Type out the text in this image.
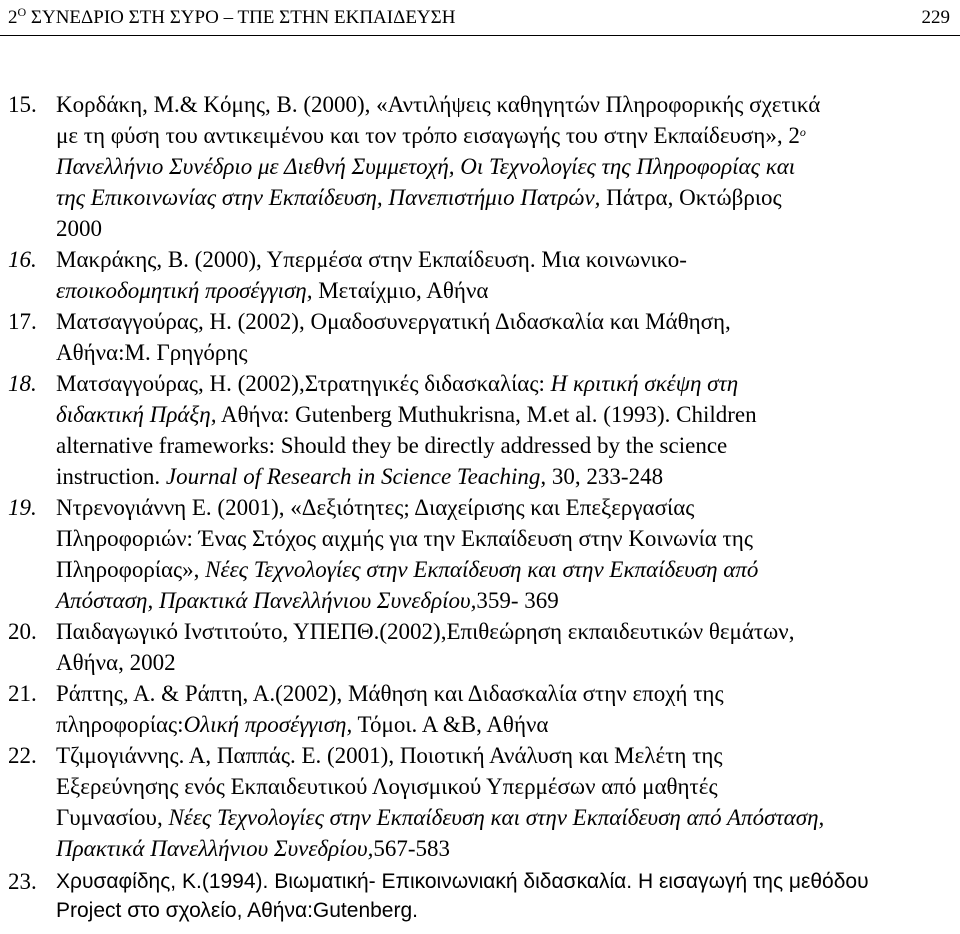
$2^O$ ΣΥΝΕΔΡΙΟ ΣΤΗ ΣΥΡΟ – ΤΠΕ ΣΤΗΝ ΕΚΠΑΙΔΕΥΣΗ	229
15. Κορδάκη, Μ.& Κόμης, Β. (2000), «Αντιλήψεις καθηγητών Πληροφορικής σχετικά
με τη φύση του αντικειμένου και τον τρόπο εισαγωγής του στην Εκπαίδευση», $2^o$
Πανελλήνιο Συνέδριο με Διεθνή Συμμετοχή, Οι Τεχνολογίες της Πληροφορίας και
της Επικοινωνίας στην Εκπαίδευση, Πανεπιστήμιο Πατρών, Πάτρα, Οκτώβριος
2000
16. Μακράκης, Β. (2000), Υπερμέσα στην Εκπαίδευση. Μια κοινωνικο-
εποικοδομητική προσέγγιση, Μεταίχμιο, Αθήνα
17. Ματσαγγούρας, Η. (2002), Ομαδοσυνεργατική Διδασκαλία και Μάθηση,
Αθήνα:Μ. Γρηγόρης
18. Ματσαγγούρας, Η. (2002),Στρατηγικές διδασκαλίας: Η κριτική σκέψη στη
διδακτική Πράξη, Αθήνα: Gutenberg Muthukrisna, M.et al. (1993). Children
alternative frameworks: Should they be directly addressed by the science
instruction. Journal of Research in Science Teaching, 30, 233-248
19. Ντρενογιάννη Ε. (2001), «Δεξιότητες; Διαχείρισης και Επεξεργασίας
Πληροφοριών: Ένας Στόχος αιχμής για την Εκπαίδευση στην Κοινωνία της
Πληροφορίας», Νέες Τεχνολογίες στην Εκπαίδευση και στην Εκπαίδευση από
Απόσταση, Πρακτικά Πανελλήνιου Συνεδρίου,359- 369
20. Παιδαγωγικό Ινστιτούτο, ΥΠΕΠΘ.(2002),Επιθεώρηση εκπαιδευτικών θεμάτων,
Αθήνα, 2002
21. Ράπτης, Α. & Ράπτη, Α.(2002), Μάθηση και Διδασκαλία στην εποχή της
πληροφορίας:Ολική προσέγγιση, Τόμοι. Α &Β, Αθήνα
22. Τζιμογιάννης. Α, Παππάς. Ε. (2001), Ποιοτική Ανάλυση και Μελέτη της
Εξερεύνησης ενός Εκπαιδευτικού Λογισμικού Υπερμέσων από μαθητές
Γυμνασίου, Νέες Τεχνολογίες στην Εκπαίδευση και στην Εκπαίδευση από Απόσταση,
Πρακτικά Πανελλήνιου Συνεδρίου,567-583
23. Χρυσαφίδης, Κ.(1994). Βιωματική- Επικοινωνιακή διδασκαλία. Η εισαγωγή της μεθόδου
Project στο σχολείο, Αθήνα:Gutenberg.
